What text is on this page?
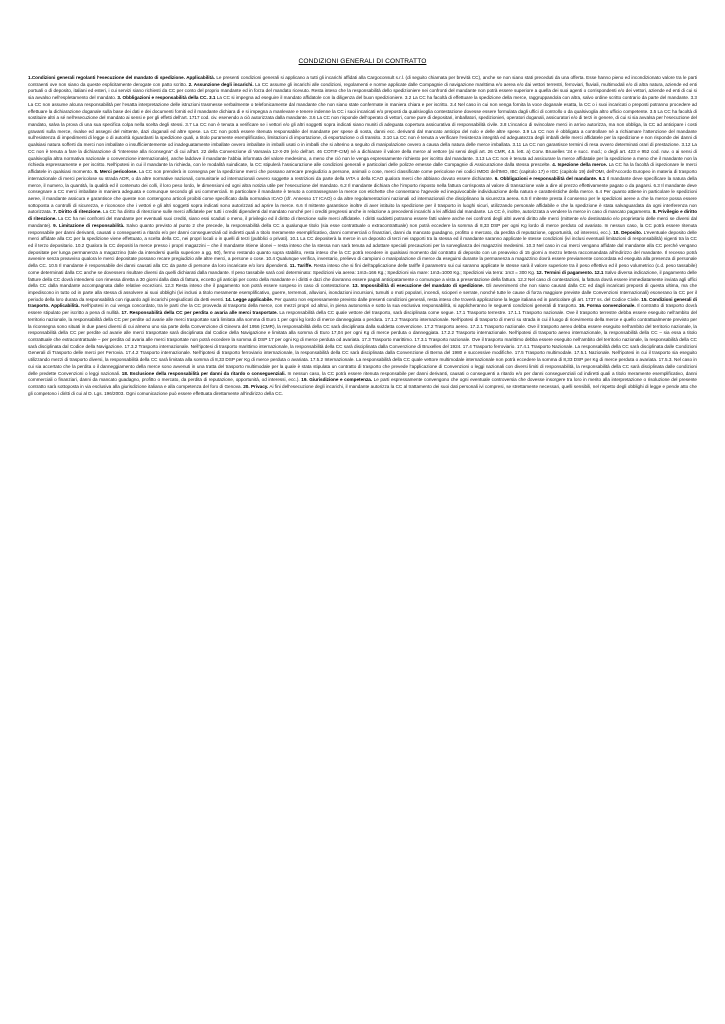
CONDIZIONI GENERALI DI CONTRATTO
1.Condizioni generali regolanti l’esecuzione del mandato di spedizione. Applicabilità. Le presenti condizioni generali si applicano a tutti gli incarichi affidati alla Cargoconsult s.r.l. (di seguito chiamata per brevità CC), anche se non siano stati preceduti da una offerta. Esse hanno pieno ed incondizionato valore tra le parti contraenti ove non siano da queste esplicitamente derogate con patto scritto. 2. Assunzione degli incarichi. La CC assume gli incarichi alle condizioni, regolamenti e norme applicate dalle Compagnie di navigazione marittima e/o aerea e/o dai vettori terrestri, ferroviari, fluviali, multimodali e/o di altra natura, aziende ed enti portuali o di deposito, italiani ed esteri, i cui servizi siano richiesti da CC per conto del proprio mandante ed in forza del mandato ricevuto. Resta inteso che la responsabilità dello spedizioniere nei confronti del mandante non potrà essere superiore a quella dei suoi agenti o corrispondenti e/o dei vettori, aziende ed enti di cui si sia avvalso nell’espletamento del mandato. 3. Obbligazioni e responsabilità della CC. 3.1 La CC si impegna ad eseguire il mandato affidatole con la diligenza del buon spedizioniere. 3.2 La CC ha facoltà di effettuare la spedizione della merce, raggruppandola con altra, salvo ordine scritto contrario da parte del mandante. 3.3 La CC non assume alcuna responsabilità per l’esatta interpretazione delle istruzioni trasmesse verbalmente o telefonicamente dal mandante che non siano state confermate in maniera chiara e per iscritto. 3.4 Nel caso in cui non venga fornita la voce doganale esatta, la CC o i suoi incaricati o preposti potranno procedere ad effettuare la dichiarazione doganale sulla base dei dati e dei documenti forniti ed il mandante dichiara di e si impegna a manlevare e tenere indenne la CC i suoi incaricati e/o preposti da qualsivoglia contestazione dovesse essere formulata dagli uffici di controllo o da qualsivoglia altro ufficio competente. 3.5 La CC ha facoltà di sostituire altri a sé nell’esecuzione del mandato ai sensi e per gli effetti dell’art. 1717 cod. civ. esenendo a ciò autorizzata dalla mandante. 3.6 La CC non risponde dell’operato di vettori, come pure di depositari, imballatori, spedizionieri, operatori doganali, assicuratori e/o di terzi in genere, di cui si sia avvalsa per l’esecuzione del mandato, salva la prova di una sua specifica colpa nella scelta degli stessi. 3.7 La CC non è tenuta a verificare se i vettori e/o gli altri soggetti sopra indicati siano muniti di adeguata copertura assicurativa di responsabilità civile. 3.8 L’incarico di svincolare merci in arrivo autorizza, ma non obbliga, la CC ad anticipare i costi gravanti sulla merce, rivalse ed assegni del mittente, dazi doganali ed altre spese. La CC non potrà essere ritenuta responsabile del mandante per spese di sosta, danni ecc. derivanti dal mancato anticipo del nolo e delle altre spese. 3.9 La CC non è obbligata a controllare né a richiamare l’attenzione del mandante sull’esistenza di impedimenti di legge o di autorità riguardanti la spedizione quali, a titolo puramente esemplificativo, limitazioni di importazione, di esportazione o di transito. 3.10 La CC non è tenuta a verificare l’esistenza integrità ed adeguatezza degli imballi delle merci affidatele per la spedizione e non risponde dei danni di qualsiasi natura sofferti da merci non imballate o insufficientemente od inadeguatamente imballate ovvero imballate in imballi usati o in imballi che si alterino a seguito di manipolazione ovvero a causa della natura delle merce imballata. 3.11 La CC non garantisce termini di resa ovvero determinati orari di prestazione. 3.12 La CC non è tenuta a fare la dichiarazione di “interesse alla riconsegna” di cui all’art. 22 della Convenzione di Varsavia 12-X-29 (e/o dell’art. 46 COTIF-CIM) né a dichiarare il valore della merce al vettore (ai sensi degli art. 26 CMR, 4.5. lett. a) Conv. Bruxelles ’24 e succ. mod.; o degli art. 423 e 952 cod. nav. o ai sensi di qualsivoglia altra normativa nazionale o convenzione internazionale), anche laddove il mandante l’abbia informata del valore medesimo, a meno che ciò non le venga espressamente richiesto per iscritto dal mandante. 3.13 La CC non è tenuta ad assicurare la merce affidatale per la spedizione a meno che il mandante non la richieda espressamente e per iscritto. Nell’ipotesi in cui il mandante la richieda, con le modalità suindicate, la CC stipulerà l’assicurazione alle condizioni generali e particolari delle polizze emesse dalle Compagnie di Assicurazione dalla stessa prescelte. 4. Ispezione della merce. La CC ha la facoltà di ispezionare le merci affidatele in qualsiasi momento. 5. Merci pericolose. La CC non prenderà in consegna per la spedizione merci che possano arrecare pregiudizio a persone, animali o cose, merci classificate come pericolose nei codici IMDG dell’IMO, IBC (capitolo 17) e IGC (capitolo 19) dell’OMI, dell’Accordo Europeo in materia di trasporto internazionale di merci pericolose su strada ADR, o da altre normative nazionali, comunitarie od internazionali ovvero soggette a restrizioni da parte della IATA o della ICAO qualora merci che abbiano dovuto essere dichiarate. 6. Obbligazioni e responsabilità del mandante. 6.1 Il mandante deve specificare la natura della merce, il numero, la quantità, la qualità ed il contenuto dei colli, il loro peso lordo, le dimensioni ed ogni altra notizia utile per l’esecuzione del mandato. 6.2 Il mandante dichiara che l’importo risposto nella fattura corrisposta al valore di transazione vale a dire al prezzo effettivamente pagato o da pagarsi. 6.3 Il mandante deve consegnare a CC merci imballate in maniera adeguata e comunque secondo gli usi commerciali. In particolare il mandante è tenuto a contrassegnare la merce con etichette che consentano l’agevole ed inequivocabile individuazione della natura e caratteristiche della merce. 6.4 Per quanto attiene in particolare le spedizioni aeree, il mandante assicura e garantisce che queste non contengono articoli proibiti come specificato dalla normativa ICAO (cfr. Annesso 17 ICAO) o da altre regolamentazioni nazionali od internazionali che disciplinano la sicurezza aerea. 6.5 Il mitente presta il consenso per le spedizioni aeree a che la merce possa essere sottoposta a controlli di sicurezza, e riconosce che i vettori e gli altri soggetti sopra indicati sono autorizzati ad aprire la merce. 6.6 Il mittente garantisce inoltre di aver istituito la spedizione per il trasporto in luoghi sicuri, utilizzando personale affidabile e che la spedizione è stata salvaguardata da ogni interferenza non autorizzata. 7. Diritto di ritenzione. La CC ha diritto di ritenzione sulle merci affidatele per tutti i crediti dipendenti dal mandato nonché per i crediti pregressi anche in relazione a precedenti incarichi a lei affidati dal mandante. La CC è, inoltre, autorizzata a vendere la merce in caso di mancato pagamento. 8. Privilegio e diritto di ritenzione. La CC ha nei confronti del mandante per eventuali suoi crediti, siano essi scaduti o meno, il privilegio ed il diritto di ritenzione sulle merci affidatele. I diritti suddetti potranno essere fatti valere anche nei confronti degli altri aventi diritto alle merci (mittente e/o destinatario e/o proprietario delle merci se diversi dal mandante). 9. Limitazione di responsabilità. Salvo quanto previsto al punto 2 che precede, la responsabilità della CC a qualunque titolo (sia esse contrattuale o extracontrattuale) non potrà eccedere la somma di 8,33 DSP per ogni Kg lordo di merce perduto od avariato. In nessun caso, la CC potrà essere ritenuta responsabile per danni derivanti, causati o conseguenti a ritardo e/o per danni conseguenziali od indiretti quali a titolo meramente esemplificativo, danni commerciali o finanziari, danni da mancato guadagno, profitto o mercato, da perdita di reputazione, opportunità, od interessi, ecc.). 10. Deposito. L’eventuale deposito delle merci affidate alla CC per la spedizione viene effettuato, a scelta della CC, nei propri locali o in quelli di terzi (pubblici o privati). 10.1 La CC depositerà la merce in un deposito di terzi nei rapporti tra la stessa ed il mandante saranno applicate le stesse condizioni (ivi inclusi eventuali limitazioni di responsabilità) vigenti tra la CC ed il terzo depositario. 10.2 Qualora la CC depositi la merce presso i propri magazzini – che il mandante ritiene idonei – resta inteso che la stessa non sarà tenuta ad adottare speciali precauzioni per la sorveglianza dei magazzini medesimi. 10.3 Nel caso in cui merci vengano affidate dal mandante alla CC perché vengano depositate per lunga permanenza a magazzino (tale da intendersi quella superiore a gg. 60), fermo restando quanto sopra stabilito, resta inteso che la CC potrà recedere in qualsiasi momento dal contratto di deposito con un preavviso di 15 giorni a mezzo lettera raccomandata all’indirizzo del mandante. Il recesso potrà avvenire senza preavviso qualora le merci depositate possano recare pregiudizio alle altre merci, a persone o cose. 10.4 Qualunque verifica, inventario, prelievo di campioni o manipolazione di merce da eseguirsi durante la permanenza a magazzino dovrà essere previamente concordata ed eseguita alla presenza di personale della CC. 10.5 Il mandante è responsabile dei danni causati alla CC da parte di persone da loro incaricate e/o loro dipendenti. 11. Tariffe. Resta inteso che si fini dell’applicazione delle tariffe il parametro sui cui saranno applicate le stesse sarà il valore superiore tra il peso effettivo ed il peso volumetrico (c.d. peso tassabile) come determinati dalla CC anche se dovessero risultare diversi da quelli dichiarati dalla mandante. Il peso tassabile sarà così determinato: Spedizioni via aerea: 1m3=166 Kg.; Spedizioni via mare: 1m3=1000 Kg.; Spedizioni via terra: 1m3 = 300 Kg. 12. Termini di pagamento. 12.1 Salvo diversa indicazione, il pagamento delle fatture della CC dovrà intendersi con rimessa diretta a 30 giorni dalla data di fattura, eccetto gli anticipi per conto della mandante e i diritti e dazi che dovranno essere pagati anticipatamente o comunque a vista a presentazione della fattura. 12.2 Nel caso di contestazioni, la fattura dovrà essere immediatamente inviata agli uffici della CC dalla mandante accompagnata dalle relative eccezioni. 12.3 Resta inteso che il pagamento non potrà essere sospeso in caso di contestazione. 13. Impossibilità di esecuzione del mandato di spedizione. Gli avvenimenti che non siano causati dalla CC ed dagli incaricati preposti di questa ultima, ma che impediscono in tutto od in parte alla stessa di assolvere ai suoi obblighi (ivi inclusi a titolo meramente esemplificativo, guerre, terremoti, alluvioni, inondazioni incursioni, tumulti o moti popolari, incendi, scioperi e serrate, nonché tutte le cause di forza maggiore previste dalle Convenzioni Internazionali) esonerano la CC per il periodo della loro durata da responsabilità con riguardo agli incarichi pregiudicati da detti eventi. 14. Legge applicabile. Per quanto non espressamente previsto dalle presenti condizioni generali, resta inteso che troverà applicazione la legge italiana ed in particolare gli art. 1737 ss. del Codice Civile. 15. Condizioni generali di trasporto. Applicabilità. Nell’ipotesi in cui venga concordato, tra le parti che la CC provveda al trasporto della merce, con mezzi propri od altrui, in piena autonomia e sotto la sua esclusiva responsabilità, si applicheranno le seguenti condizioni generali di trasporto. 16. Forma convenzionale. Il contratto di trasporto dovrà essere stipulato per iscritto a pena di nullità. 17. Responsabilità della CC per perdita o avaria alle merci trasportate. La responsabilità della CC quale vettore del trasporto, sarà disciplinata come segue. 17.1 Trasporto terrestre. 17.1.1 Trasporto nazionale. Ove il trasporto terrestre debba essere eseguito nell’ambito del territorio nazionale, la responsabilità della CC per perdite od avarie alle merci trasportate sarà limitata alla somma di Euro 1 per ogni kg lordo di merce danneggiata o perduta. 17.1.2 Trasporto internazionale. Nell’ipotesi di trasporto di merci su strada in cui il luogo di ricevimento della merce e quello contrattualmente previsto per la riconsegna sono situati in due paesi diversi di cui almeno uno sia parte della Convenzione di Ginevra del 1956 (CMR), la responsabilità della CC sarà disciplinata dalla suddetta convenzione. 17.2 Trasporto aereo. 17.2.1 Trasporto nazionale. Ove il trasporto aereo debba essere eseguito nell’ambito del territorio nazionale, la responsabilità della CC per perdite od avarie alle merci trasportate sarà disciplinata dal Codice della Navigazione e limitata alla somma di Euro 17,04 per ogni Kg di merce perduta o danneggiata. 17.2.2 Trasporto internazionale. Nell’ipotesi di trasporto aereo internazionale, la responsabilità della CC – sia essa a titolo contrattuale che extracontrattuale – per perdita od avaria alle merci trasportate non potrà eccedere la somma di DSP 17 per ogni Kg di merce perduta od avariata. 17.3 Trasporto marittimo. 17.3.1 Trasporto nazionale. Ove il trasporto marittimo debba essere eseguito nell’ambito del territorio nazionale, la responsabilità della CC sarà disciplinata dal Codice della Navigazione. 17.3.2 Trasporto internazionale. Nell’ipotesi di trasporto marittimo internazionale, la responsabilità della CC sarà disciplinata dalla Convenzione di Bruxelles del 1924. 17.4 Trasporto ferroviario. 17.4.1 Trasporto Nazionale. La responsabilità della CC sarà disciplinata dalle Condizioni Generali di Trasporto delle merci per Ferrovia. 17.4.2 Trasporto internazionale. Nell’ipotesi di trasporto ferroviario internazionale, la responsabilità della CC sarà disciplinata dalla Convenzione di Berna del 1980 e successive modifiche. 17.5 Trasporto multimodale. 17.5.1 Nazionale. Nell’ipotesi in cui il trasporto sia eseguito utilizzando mezzi di trasporto diversi, la responsabilità della CC sarà limitata alla somma di 8,33 DSP per Kg di merce perduta o avariata. 17.5.2 Internazionale. La responsabilità della CC quale vettore multimodale internazionale non potrà eccedere la somma di 8,33 DSP per Kg di merce perduta o avariata. 17.5.3. Nel caso in cui sia accertato che la perdita o il danneggiamento della merce sono avvenuti in una tratta del trasporto multimodale per la quale è stata stipulata un contratto di trasporto che prevede l’applicazione di Convenzioni o leggi nazionali con diversi limiti di responsabilità, la responsabilità della CC sarà disciplinata dalle condizioni delle predette Convenzioni o leggi nazionali. 18. Esclusione della responsabilità per danni da ritardo o conseguenziali. In nessun caso, la CC potrà essere ritenuta responsabile per danni derivanti, causati o conseguenti a ritardo e/o per danni conseguenziali od indiretti quali a titolo meramente esemplificativo, danni commerciali o finanziari, danni da mancato guadagno, profitto o mercato, da perdita di reputazione, opportunità, od interessi, ecc.). 19. Giurisdizione e competenza. Le parti espressamente convengono che ogni eventuale controversia che dovesse insorgere tra loro in merito alla interpretazione o risoluzione del presente contratto sarà sottoposta in via esclusiva alla giurisdizione italiana e alla competenza del foro di Genova. 20. Privacy. Ai fini dell’esecuzione degli incarichi, il mandante autorizza la CC al trattamento dei suoi dati personali ivi compresi, se strettamente necessari, quelli sensibili, nel rispetto degli obblighi di legge e pende atto che gli competono i diritti di cui al D. Lgs. 196/2003. Ogni comunicazione può essere effettuata direttamente all’indirizzo della CC.
